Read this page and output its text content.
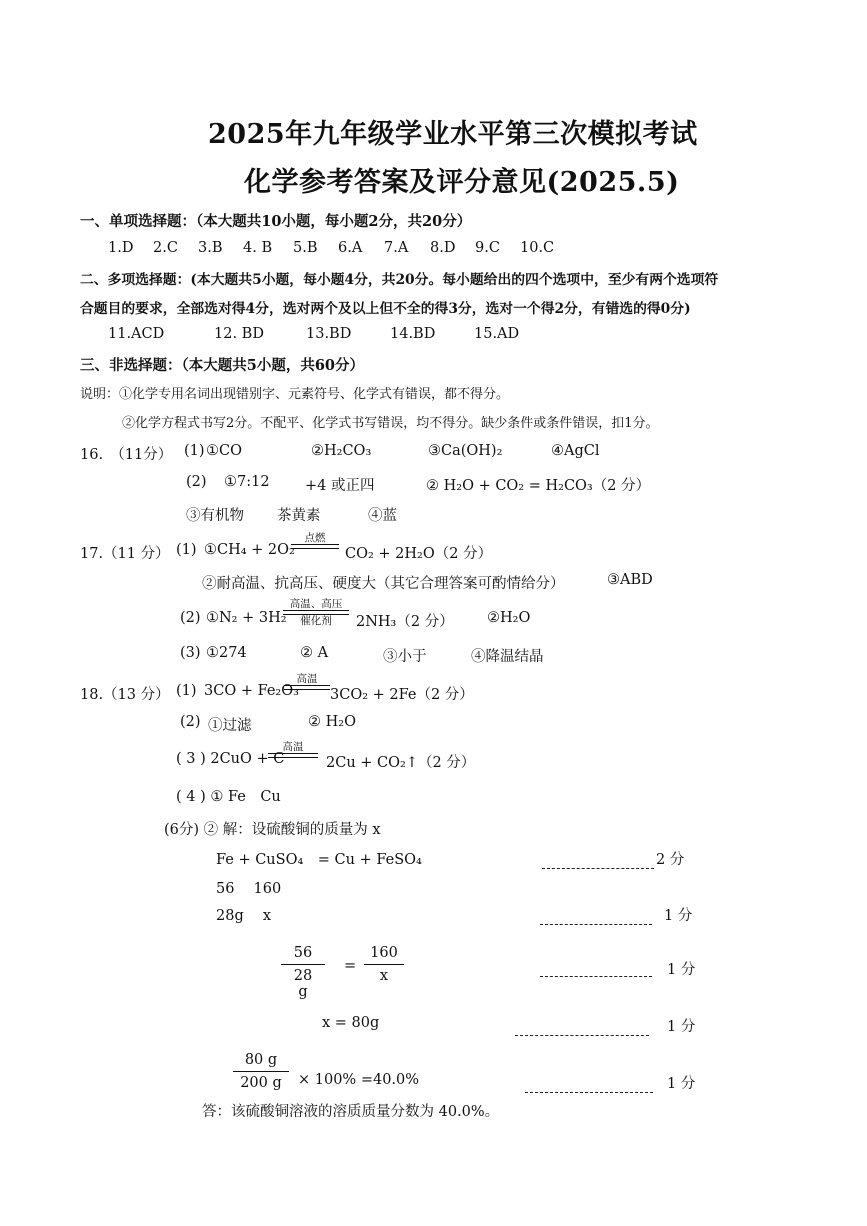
2025年九年级学业水平第三次模拟考试
化学参考答案及评分意见(2025.5)
一、单项选择题：（本大题共10小题，每小题2分，共20分）
1.D 2.C 3.B 4. B 5.B 6.A 7.A 8.D 9.C 10.C
二、多项选择题：(本大题共5小题，每小题4分，共20分。每小题给出的四个选项中，至少有两个选项符
合题目的要求，全部选对得4分，选对两个及以上但不全的得3分，选对一个得2分，有错选的得0分)
11.ACD	12. BD	13.BD	14.BD	15.AD
三、非选择题：（本大题共5小题，共60分）
说明：①化学专用名词出现错别字、元素符号、化学式有错误，都不得分。
②化学方程式书写2分。不配平、化学式书写错误，均不得分。缺少条件或条件错误，扣1分。
16.　（11分） (1) ①CO	②H₂CO₃	③Ca(OH)₂	④AgCl
(2) ①7:12 +4 或正四	② H₂O + CO₂ = H₂CO₃（2 分）
③有机物 茶黄素	④蓝
17.（11 分） (1) ①CH₄ + 2O₂
点燃
CO₂ + 2H₂O（2 分）
②耐高温、抗高压、硬度大（其它合理答案可酌情给分）	③ABD
(2) ①N₂ + 3H₂
高温、高压
催化剂	2NH₃（2 分） ②H₂O
(3) ①274	② A	③小于	④降温结晶
18.（13 分） (1) 3CO + Fe₂O₃
高温
3CO₂ + 2Fe（2 分）
(2) ①过滤	② H₂O
( 3 ) 2CuO + C
高温
2Cu + CO₂↑（2 分）
( 4 ) ① Fe　Cu
(6分) ② 解：设硫酸铜的质量为 x
Fe + CuSO₄　= Cu + FeSO₄	2 分
56　 160
28g　 x	1 分
56
28 g
=
160
x	1 分
x = 80g	1 分
80 g
200 g	× 100% =40.0%	1 分
答：该硫酸铜溶液的溶质质量分数为 40.0%。
